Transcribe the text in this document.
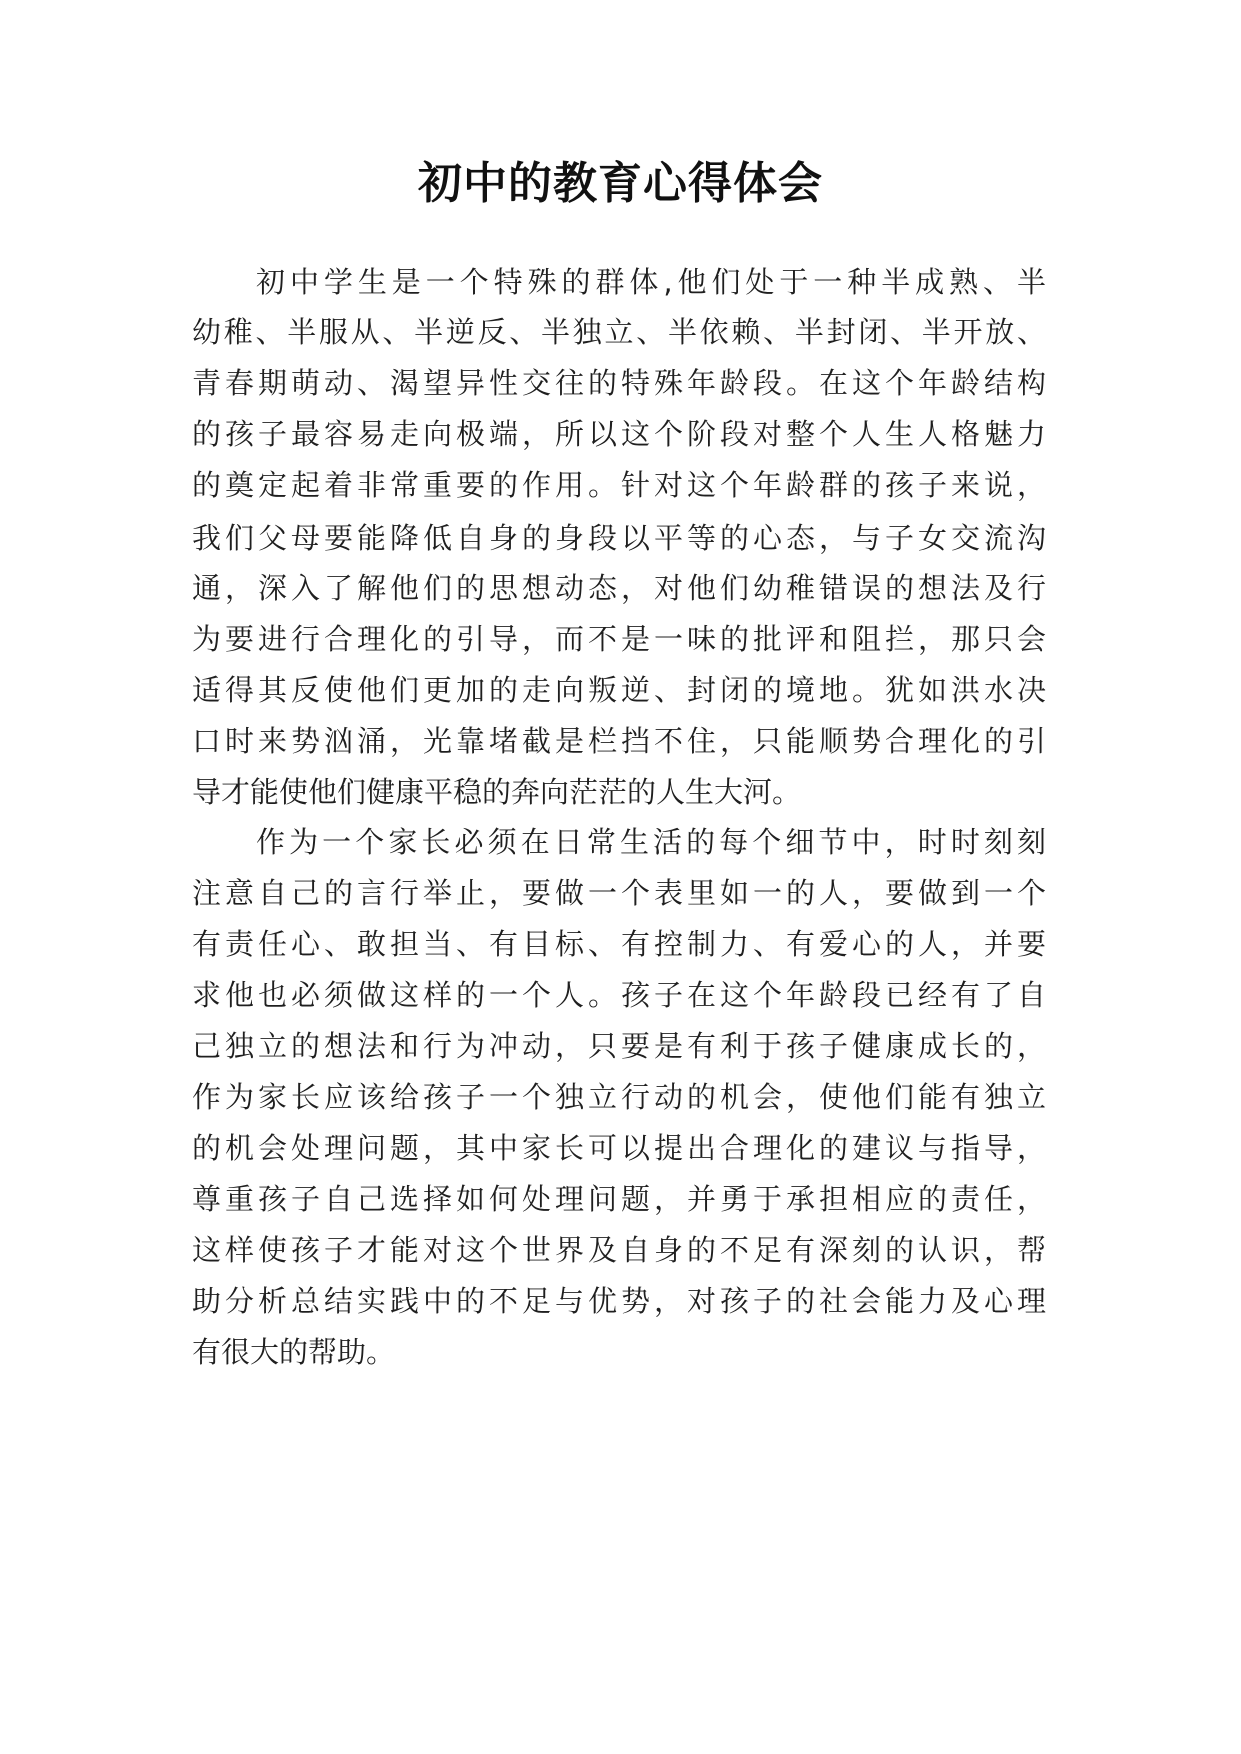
初中的教育心得体会
初中学生是一个特殊的群体,他们处于一种半成熟、半
幼稚、半服从、半逆反、半独立、半依赖、半封闭、半开放、
青春期萌动、渴望异性交往的特殊年龄段。在这个年龄结构
的孩子最容易走向极端，所以这个阶段对整个人生人格魅力
的奠定起着非常重要的作用。针对这个年龄群的孩子来说，
我们父母要能降低自身的身段以平等的心态，与子女交流沟
通，深入了解他们的思想动态，对他们幼稚错误的想法及行
为要进行合理化的引导，而不是一味的批评和阻拦，那只会
适得其反使他们更加的走向叛逆、封闭的境地。犹如洪水决
口时来势汹涌，光靠堵截是栏挡不住，只能顺势合理化的引
导才能使他们健康平稳的奔向茫茫的人生大河。
作为一个家长必须在日常生活的每个细节中，时时刻刻
注意自己的言行举止，要做一个表里如一的人，要做到一个
有责任心、敢担当、有目标、有控制力、有爱心的人，并要
求他也必须做这样的一个人。孩子在这个年龄段已经有了自
己独立的想法和行为冲动，只要是有利于孩子健康成长的，
作为家长应该给孩子一个独立行动的机会，使他们能有独立
的机会处理问题，其中家长可以提出合理化的建议与指导，
尊重孩子自己选择如何处理问题，并勇于承担相应的责任，
这样使孩子才能对这个世界及自身的不足有深刻的认识，帮
助分析总结实践中的不足与优势，对孩子的社会能力及心理
有很大的帮助。
